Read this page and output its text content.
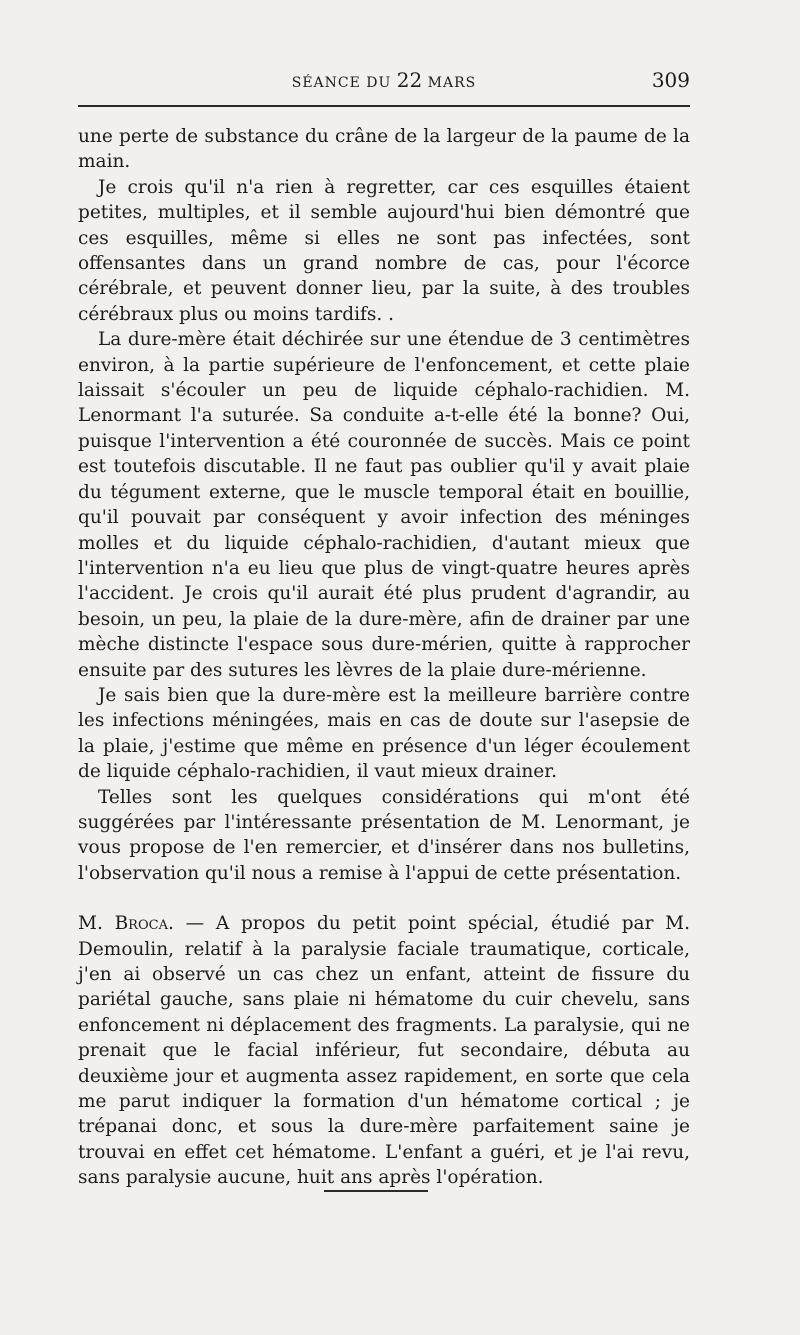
SÉANCE DU 22 MARS	309

une perte de substance du crâne de la largeur de la paume de la main.

Je crois qu'il n'a rien à regretter, car ces esquilles étaient petites, multiples, et il semble aujourd'hui bien démontré que ces esquilles, même si elles ne sont pas infectées, sont offensantes dans un grand nombre de cas, pour l'écorce cérébrale, et peuvent donner lieu, par la suite, à des troubles cérébraux plus ou moins tardifs. .

La dure-mère était déchirée sur une étendue de 3 centimètres environ, à la partie supérieure de l'enfoncement, et cette plaie laissait s'écouler un peu de liquide céphalo-rachidien. M. Lenormant l'a suturée. Sa conduite a-t-elle été la bonne? Oui, puisque l'intervention a été couronnée de succès. Mais ce point est toutefois discutable. Il ne faut pas oublier qu'il y avait plaie du tégument externe, que le muscle temporal était en bouillie, qu'il pouvait par conséquent y avoir infection des méninges molles et du liquide céphalo-rachidien, d'autant mieux que l'intervention n'a eu lieu que plus de vingt-quatre heures après l'accident. Je crois qu'il aurait été plus prudent d'agrandir, au besoin, un peu, la plaie de la dure-mère, afin de drainer par une mèche distincte l'espace sous dure-mérien, quitte à rapprocher ensuite par des sutures les lèvres de la plaie dure-mérienne.

Je sais bien que la dure-mère est la meilleure barrière contre les infections méningées, mais en cas de doute sur l'asepsie de la plaie, j'estime que même en présence d'un léger écoulement de liquide céphalo-rachidien, il vaut mieux drainer.

Telles sont les quelques considérations qui m'ont été suggérées par l'intéressante présentation de M. Lenormant, je vous propose de l'en remercier, et d'insérer dans nos bulletins, l'observation qu'il nous a remise à l'appui de cette présentation.

M. Broca. — A propos du petit point spécial, étudié par M. Demoulin, relatif à la paralysie faciale traumatique, corticale, j'en ai observé un cas chez un enfant, atteint de fissure du pariétal gauche, sans plaie ni hématome du cuir chevelu, sans enfoncement ni déplacement des fragments. La paralysie, qui ne prenait que le facial inférieur, fut secondaire, débuta au deuxième jour et augmenta assez rapidement, en sorte que cela me parut indiquer la formation d'un hématome cortical ; je trépanai donc, et sous la dure-mère parfaitement saine je trouvai en effet cet hématome. L'enfant a guéri, et je l'ai revu, sans paralysie aucune, huit ans après l'opération.
